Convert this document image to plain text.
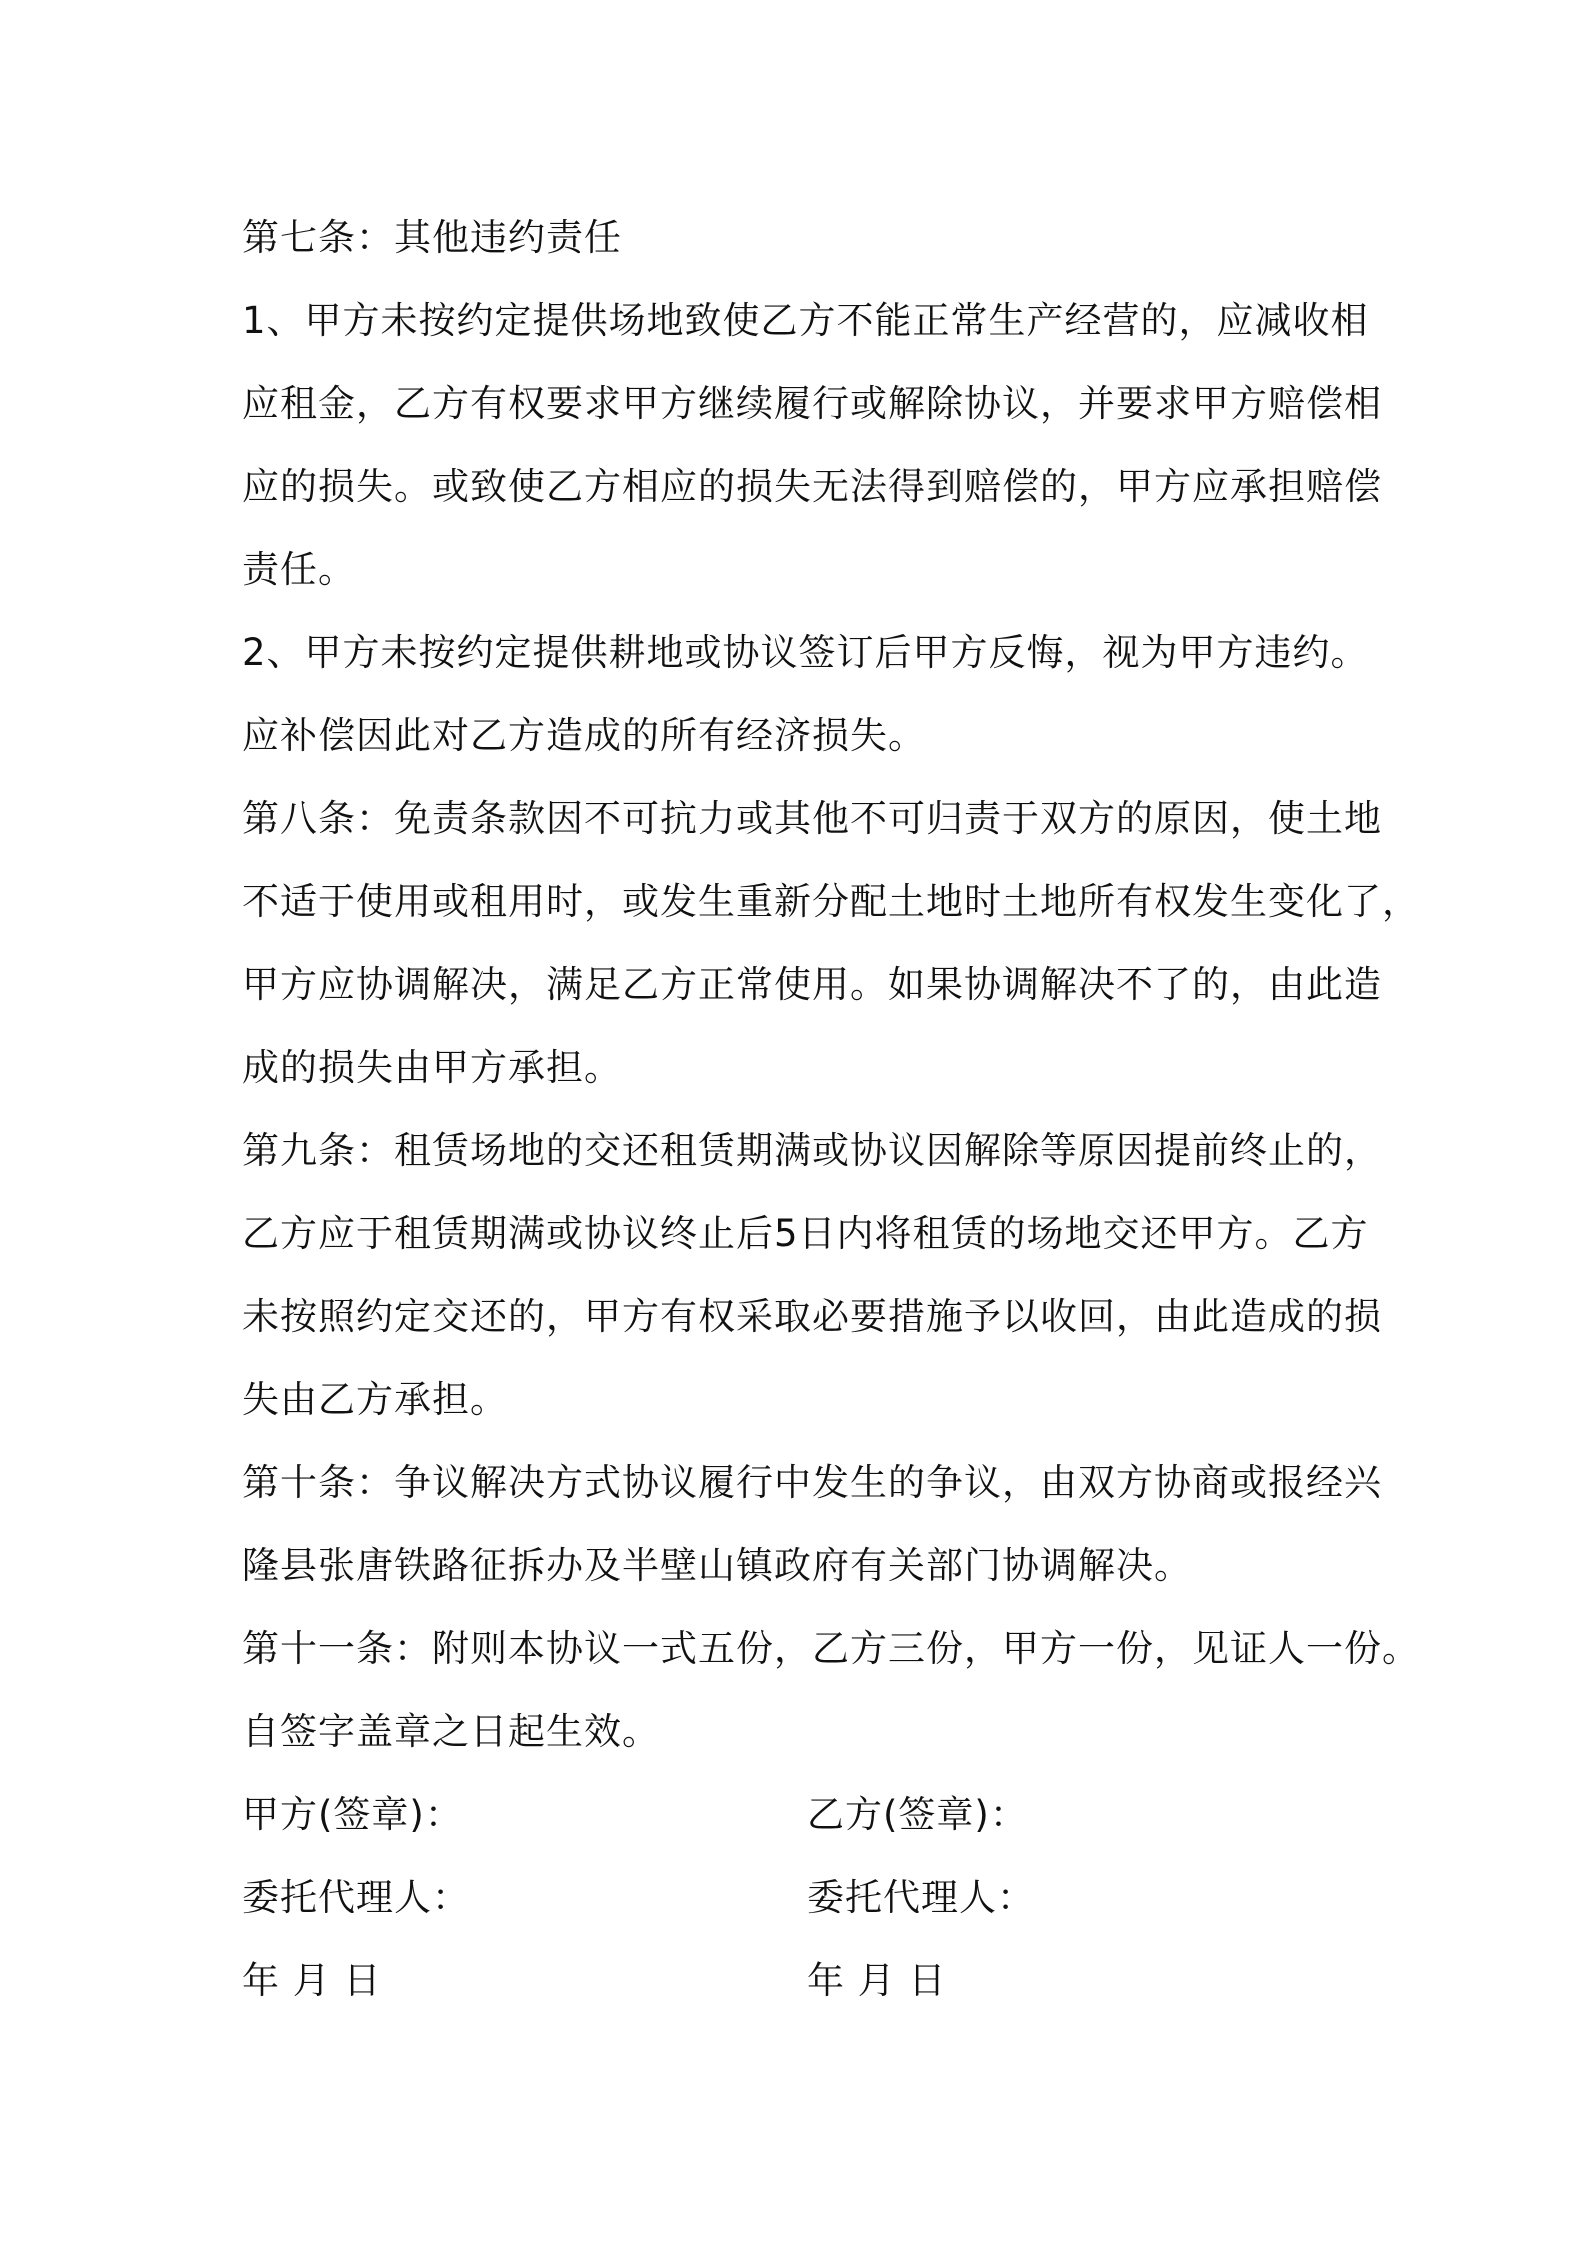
第七条：其他违约责任
1、甲方未按约定提供场地致使乙方不能正常生产经营的，应减收相
应租金，乙方有权要求甲方继续履行或解除协议，并要求甲方赔偿相
应的损失。或致使乙方相应的损失无法得到赔偿的，甲方应承担赔偿
责任。
2、甲方未按约定提供耕地或协议签订后甲方反悔，视为甲方违约。
应补偿因此对乙方造成的所有经济损失。
第八条：免责条款因不可抗力或其他不可归责于双方的原因，使土地
不适于使用或租用时，或发生重新分配土地时土地所有权发生变化了，
甲方应协调解决，满足乙方正常使用。如果协调解决不了的，由此造
成的损失由甲方承担。
第九条：租赁场地的交还租赁期满或协议因解除等原因提前终止的，
乙方应于租赁期满或协议终止后5日内将租赁的场地交还甲方。乙方
未按照约定交还的，甲方有权采取必要措施予以收回，由此造成的损
失由乙方承担。
第十条：争议解决方式协议履行中发生的争议，由双方协商或报经兴
隆县张唐铁路征拆办及半壁山镇政府有关部门协调解决。
第十一条：附则本协议一式五份，乙方三份，甲方一份，见证人一份。
自签字盖章之日起生效。
甲方(签章)：	乙方(签章)：
委托代理人：	委托代理人：
年 月 日	年 月 日
